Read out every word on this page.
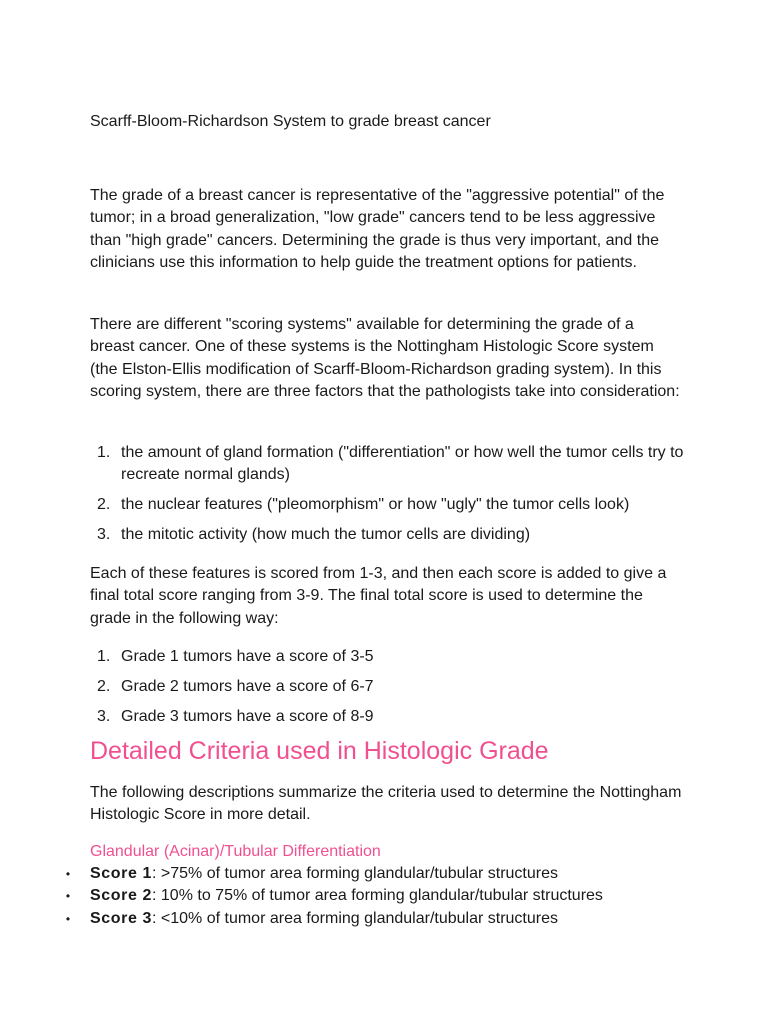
Scarff-Bloom-Richardson System to grade breast cancer

The grade of a breast cancer is representative of the "aggressive potential" of the tumor; in a broad generalization, "low grade" cancers tend to be less aggressive than "high grade" cancers. Determining the grade is thus very important, and the clinicians use this information to help guide the treatment options for patients.

There are different "scoring systems" available for determining the grade of a breast cancer. One of these systems is the Nottingham Histologic Score system (the Elston-Ellis modification of Scarff-Bloom-Richardson grading system). In this scoring system, there are three factors that the pathologists take into consideration:

1. the amount of gland formation ("differentiation" or how well the tumor cells try to recreate normal glands)
2. the nuclear features ("pleomorphism" or how "ugly" the tumor cells look)
3. the mitotic activity (how much the tumor cells are dividing)

Each of these features is scored from 1-3, and then each score is added to give a final total score ranging from 3-9. The final total score is used to determine the grade in the following way:

1. Grade 1 tumors have a score of 3-5
2. Grade 2 tumors have a score of 6-7
3. Grade 3 tumors have a score of 8-9
Detailed Criteria used in Histologic Grade

The following descriptions summarize the criteria used to determine the Nottingham Histologic Score in more detail.

Glandular (Acinar)/Tubular Differentiation
• Score 1: >75% of tumor area forming glandular/tubular structures
• Score 2: 10% to 75% of tumor area forming glandular/tubular structures
• Score 3: <10% of tumor area forming glandular/tubular structures
